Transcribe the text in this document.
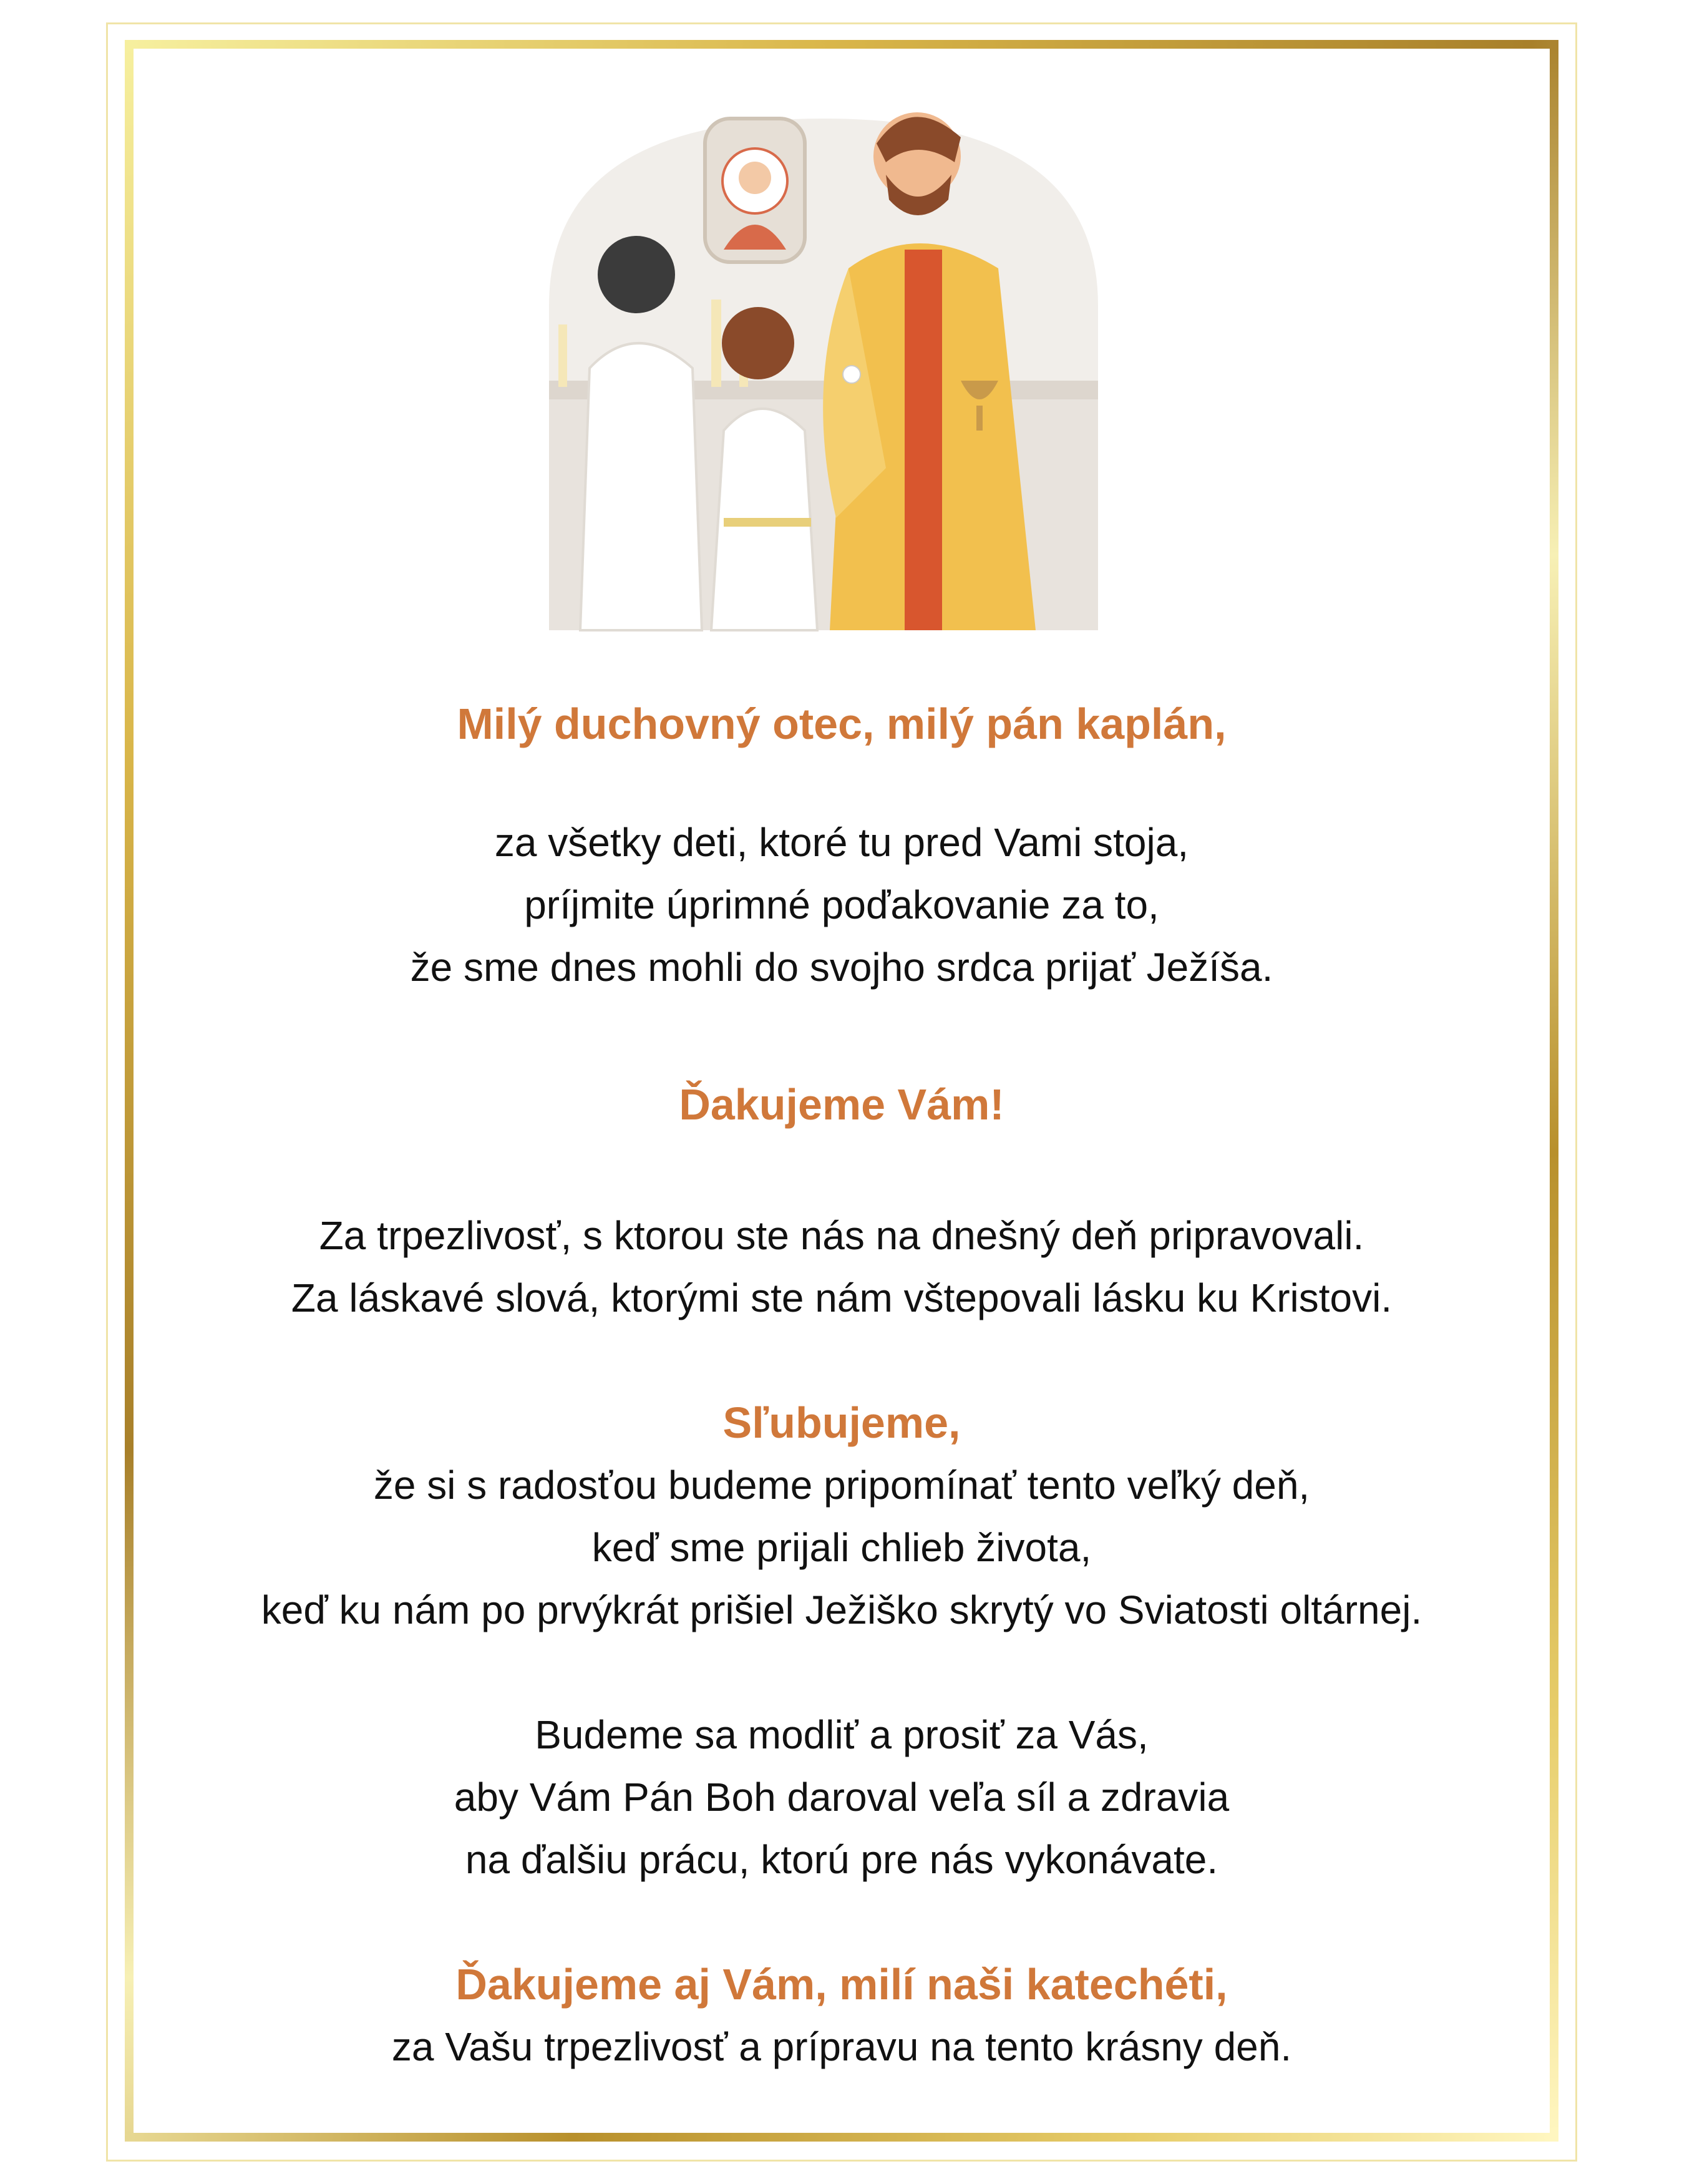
Milý duchovný otec, milý pán kaplán,
za všetky deti, ktoré tu pred Vami stoja,
príjmite úprimné poďakovanie za to,
že sme dnes mohli do svojho srdca prijať Ježíša.
Ďakujeme Vám!
Za trpezlivosť, s ktorou ste nás na dnešný deň pripravovali.
Za láskavé slová, ktorými ste nám vštepovali lásku ku Kristovi.
Sľubujeme,
že si s radosťou budeme pripomínať tento veľký deň,
keď sme prijali chlieb života,
keď ku nám po prvýkrát prišiel Ježiško skrytý vo Sviatosti oltárnej.
Budeme sa modliť a prosiť za Vás,
aby Vám Pán Boh daroval veľa síl a zdravia
na ďalšiu prácu, ktorú pre nás vykonávate.
Ďakujeme aj Vám, milí naši katechéti,
za Vašu trpezlivosť a prípravu na tento krásny deň.
